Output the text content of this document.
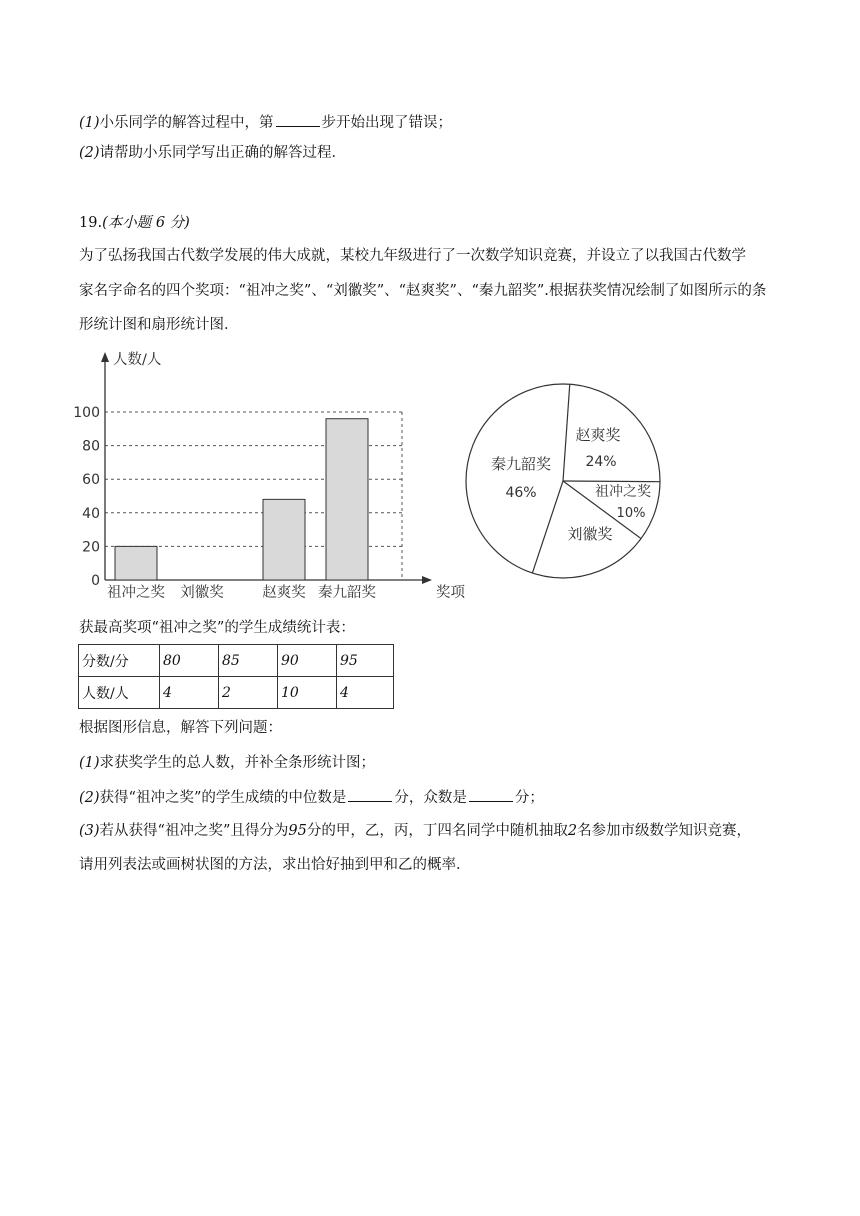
(1)小乐同学的解答过程中，第	步开始出现了错误；
(2)请帮助小乐同学写出正确的解答过程．
19.(本小题 6 分)
为了弘扬我国古代数学发展的伟大成就，某校九年级进行了一次数学知识竞赛，并设立了以我国古代数学
家名字命名的四个奖项：“祖冲之奖”、“刘徽奖”、“赵爽奖”、“秦九韶奖”.根据获奖情况绘制了如图所示的条
形统计图和扇形统计图．
0
20
40
60
80
100
人数/人
奖项
祖冲之奖 刘徽奖	赵爽奖 秦九韶奖
赵爽奖
24%
祖冲之奖
10%
刘徽奖
秦九韶奖
46%
获最高奖项“祖冲之奖”的学生成绩统计表：
分数/分	80	85	90	95
人数/人	4	2	10	4
根据图形信息，解答下列问题：
(1)求获奖学生的总人数，并补全条形统计图；
(2)获得“祖冲之奖”的学生成绩的中位数是	分，众数是	分；
(3)若从获得“祖冲之奖”且得分为95分的甲，乙，丙，丁四名同学中随机抽取2名参加市级数学知识竞赛，
请用列表法或画树状图的方法，求出恰好抽到甲和乙的概率．
